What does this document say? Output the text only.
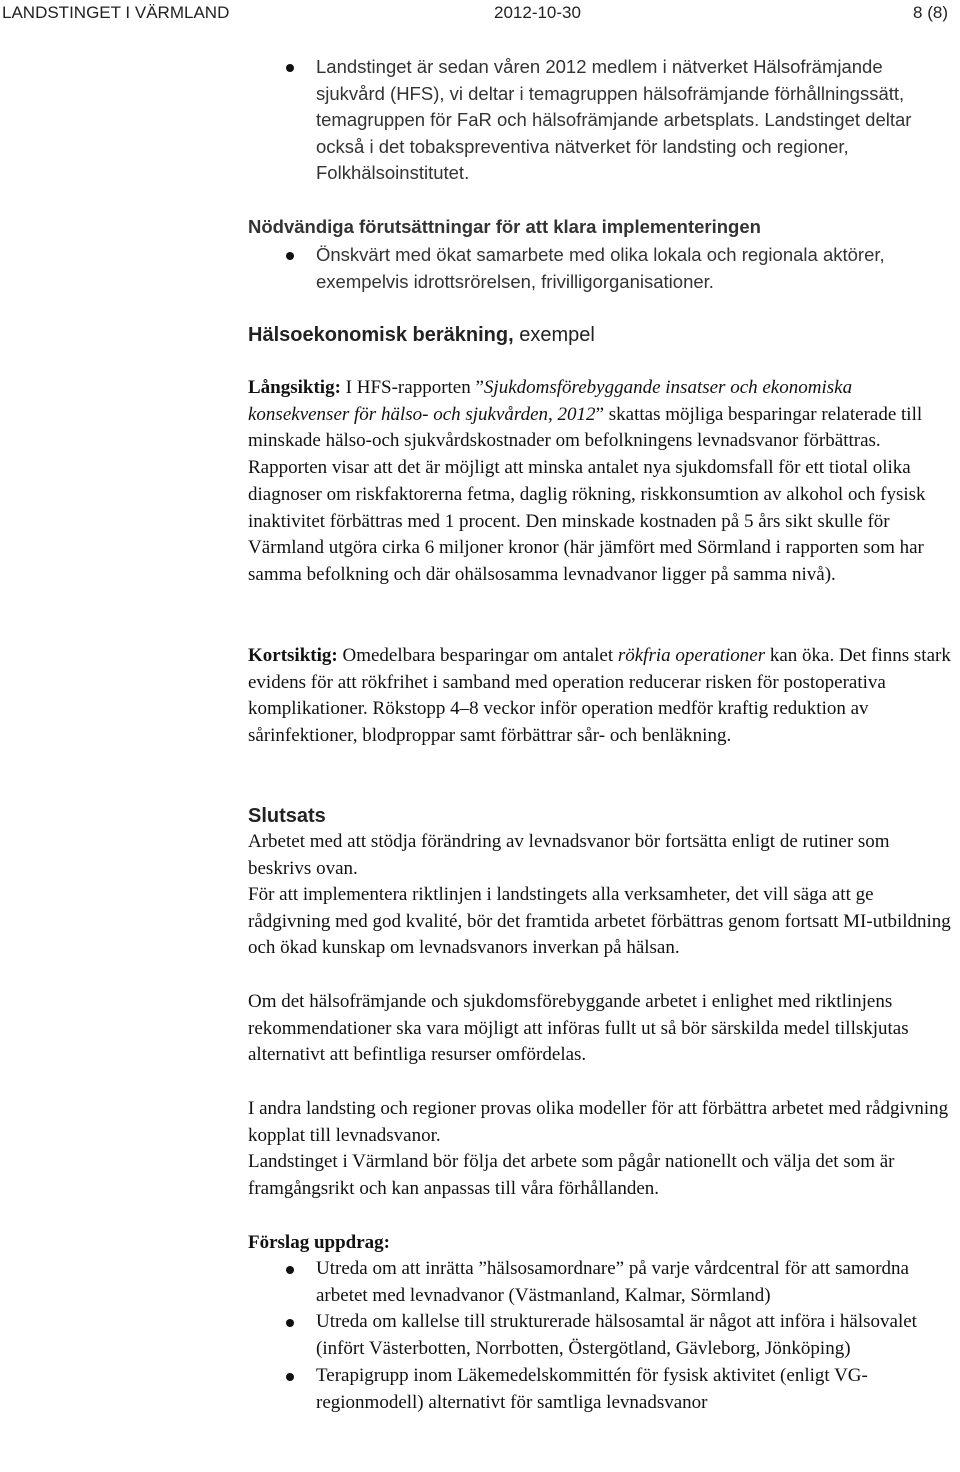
LANDSTINGET I VÄRMLAND	2012-10-30	8 (8)
Landstinget är sedan våren 2012 medlem i nätverket Hälsofrämjande sjukvård (HFS), vi deltar i temagruppen hälsofrämjande förhållningssätt, temagruppen för FaR och hälsofrämjande arbetsplats. Landstinget deltar också i det tobakspreventiva nätverket för landsting och regioner, Folkhälsoinstitutet.
Nödvändiga förutsättningar för att klara implementeringen
Önskvärt med ökat samarbete med olika lokala och regionala aktörer, exempelvis idrottsrörelsen, frivilligorganisationer.
Hälsoekonomisk beräkning, exempel

Långsiktig: I HFS-rapporten ”Sjukdomsförebyggande insatser och ekonomiska konsekvenser för hälso- och sjukvården, 2012” skattas möjliga besparingar relaterade till minskade hälso-och sjukvårdskostnader om befolkningens levnadsvanor förbättras. Rapporten visar att det är möjligt att minska antalet nya sjukdomsfall för ett tiotal olika diagnoser om riskfaktorerna fetma, daglig rökning, riskkonsumtion av alkohol och fysisk inaktivitet förbättras med 1 procent. Den minskade kostnaden på 5 års sikt skulle för Värmland utgöra cirka 6 miljoner kronor (här jämfört med Sörmland i rapporten som har samma befolkning och där ohälsosamma levnadvanor ligger på samma nivå).

Kortsiktig: Omedelbara besparingar om antalet rökfria operationer kan öka. Det finns stark evidens för att rökfrihet i samband med operation reducerar risken för postoperativa komplikationer. Rökstopp 4–8 veckor inför operation medför kraftig reduktion av sårinfektioner, blodproppar samt förbättrar sår- och benläkning.

Slutsats

Arbetet med att stödja förändring av levnadsvanor bör fortsätta enligt de rutiner som beskrivs ovan.

För att implementera riktlinjen i landstingets alla verksamheter, det vill säga att ge rådgivning med god kvalité, bör det framtida arbetet förbättras genom fortsatt MI-utbildning och ökad kunskap om levnadsvanors inverkan på hälsan.

Om det hälsofrämjande och sjukdomsförebyggande arbetet i enlighet med riktlinjens rekommendationer ska vara möjligt att införas fullt ut så bör särskilda medel tillskjutas alternativt att befintliga resurser omfördelas.

I andra landsting och regioner provas olika modeller för att förbättra arbetet med rådgivning kopplat till levnadsvanor.

Landstinget i Värmland bör följa det arbete som pågår nationellt och välja det som är framgångsrikt och kan anpassas till våra förhållanden.

Förslag uppdrag:
Utreda om att inrätta ”hälsosamordnare” på varje vårdcentral för att samordna arbetet med levnadvanor (Västmanland, Kalmar, Sörmland)
Utreda om kallelse till strukturerade hälsosamtal är något att införa i hälsovalet (infört Västerbotten, Norrbotten, Östergötland, Gävleborg, Jönköping)
Terapigrupp inom Läkemedelskommittén för fysisk aktivitet (enligt VG-regionmodell) alternativt för samtliga levnadsvanor
